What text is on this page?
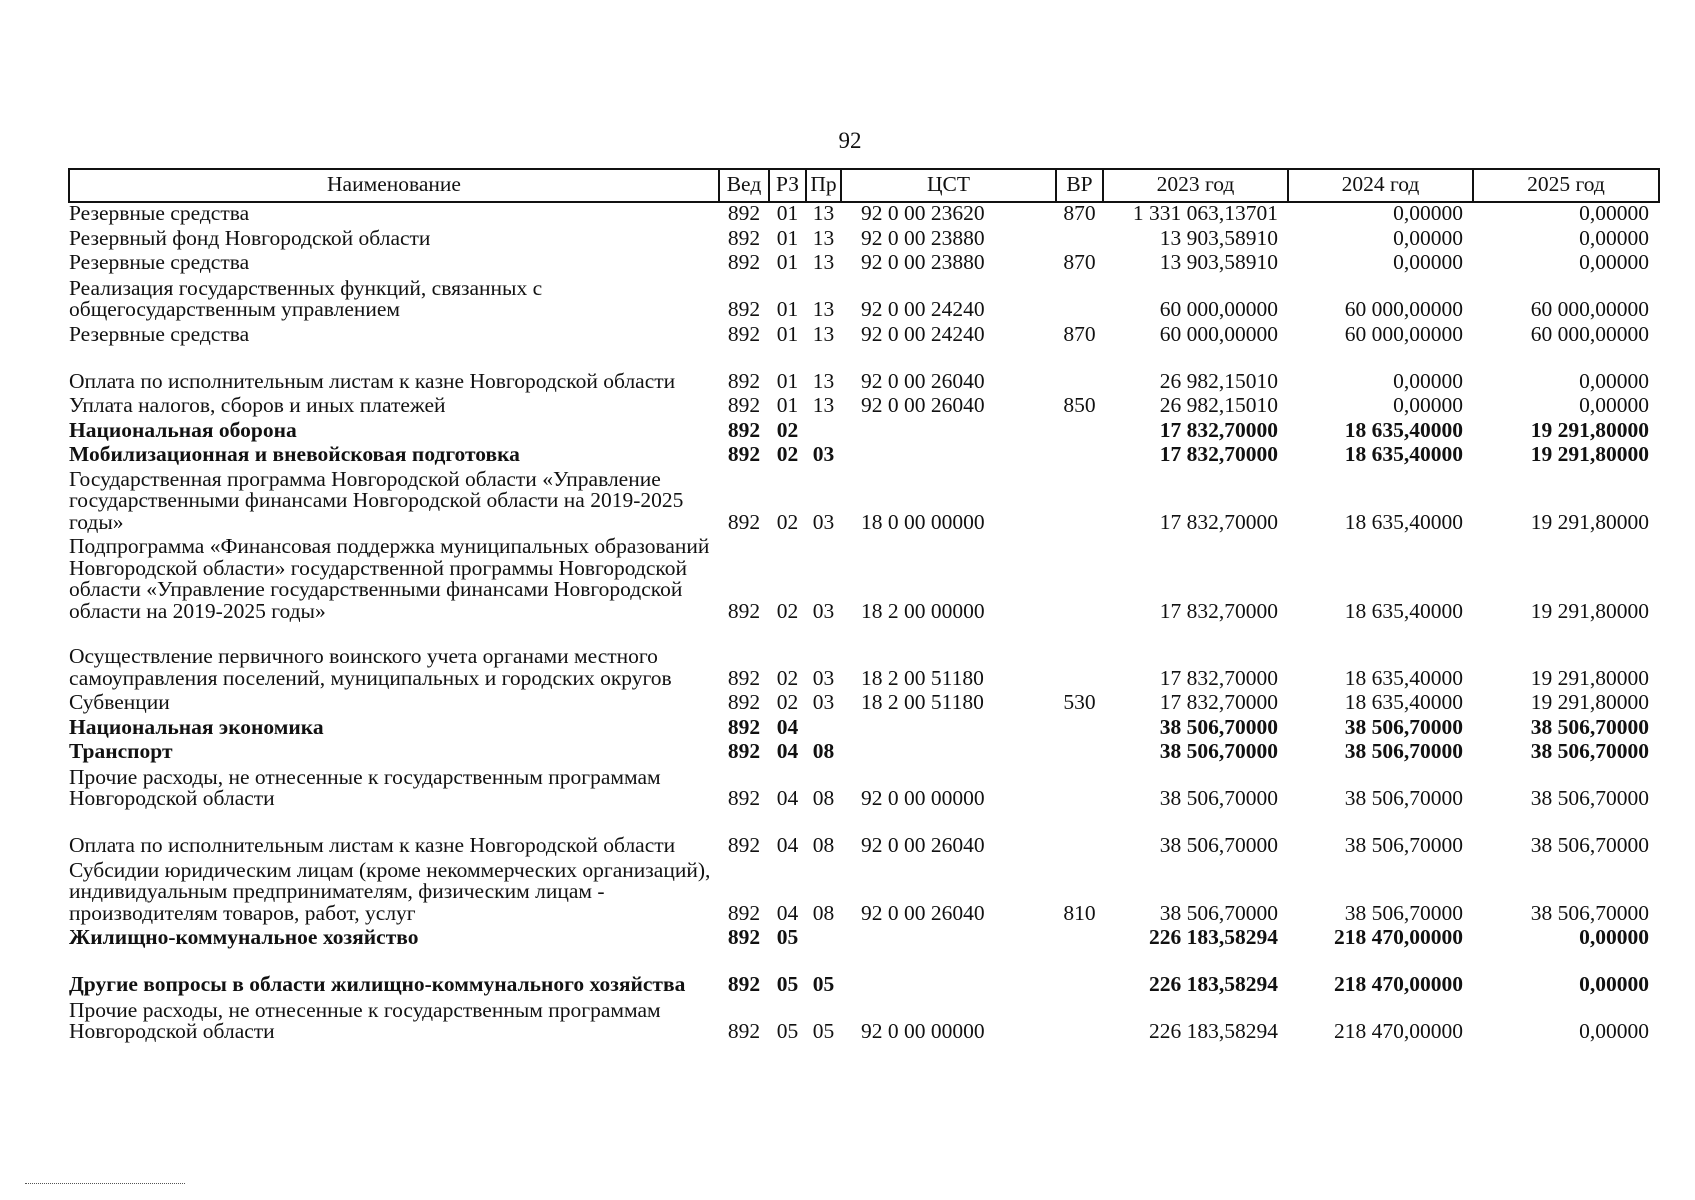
92
Наименование	Вед	РЗ	Пр	ЦСТ	ВР	2023 год	2024 год	2025 год
Резервные средства	892	01	13	92 0 00 23620	870	1 331 063,13701	0,00000	0,00000
Резервный фонд Новгородской области	892	01	13	92 0 00 23880		13 903,58910	0,00000	0,00000
Резервные средства	892	01	13	92 0 00 23880	870	13 903,58910	0,00000	0,00000
Реализация государственных функций, связанных с общегосударственным управлением	892	01	13	92 0 00 24240		60 000,00000	60 000,00000	60 000,00000
Резервные средства	892	01	13	92 0 00 24240	870	60 000,00000	60 000,00000	60 000,00000
Оплата по исполнительным листам к казне Новгородской области	892	01	13	92 0 00 26040		26 982,15010	0,00000	0,00000
Уплата налогов, сборов и иных платежей	892	01	13	92 0 00 26040	850	26 982,15010	0,00000	0,00000
Национальная оборона	892	02				17 832,70000	18 635,40000	19 291,80000
Мобилизационная и вневойсковая подготовка	892	02	03			17 832,70000	18 635,40000	19 291,80000
Государственная программа Новгородской области «Управление государственными финансами Новгородской области на 2019-2025 годы»	892	02	03	18 0 00 00000		17 832,70000	18 635,40000	19 291,80000
Подпрограмма «Финансовая поддержка муниципальных образований Новгородской области» государственной программы Новгородской области «Управление государственными финансами Новгородской области на 2019-2025 годы»	892	02	03	18 2 00 00000		17 832,70000	18 635,40000	19 291,80000
Осуществление первичного воинского учета органами местного самоуправления поселений, муниципальных и городских округов	892	02	03	18 2 00 51180		17 832,70000	18 635,40000	19 291,80000
Субвенции	892	02	03	18 2 00 51180	530	17 832,70000	18 635,40000	19 291,80000
Национальная экономика	892	04				38 506,70000	38 506,70000	38 506,70000
Транспорт	892	04	08			38 506,70000	38 506,70000	38 506,70000
Прочие расходы, не отнесенные к государственным программам Новгородской области	892	04	08	92 0 00 00000		38 506,70000	38 506,70000	38 506,70000
Оплата по исполнительным листам к казне Новгородской области	892	04	08	92 0 00 26040		38 506,70000	38 506,70000	38 506,70000
Субсидии юридическим лицам (кроме некоммерческих организаций), индивидуальным предпринимателям, физическим лицам - производителям товаров, работ, услуг	892	04	08	92 0 00 26040	810	38 506,70000	38 506,70000	38 506,70000
Жилищно-коммунальное хозяйство	892	05				226 183,58294	218 470,00000	0,00000
Другие вопросы в области жилищно-коммунального хозяйства	892	05	05			226 183,58294	218 470,00000	0,00000
Прочие расходы, не отнесенные к государственным программам Новгородской области	892	05	05	92 0 00 00000		226 183,58294	218 470,00000	0,00000
